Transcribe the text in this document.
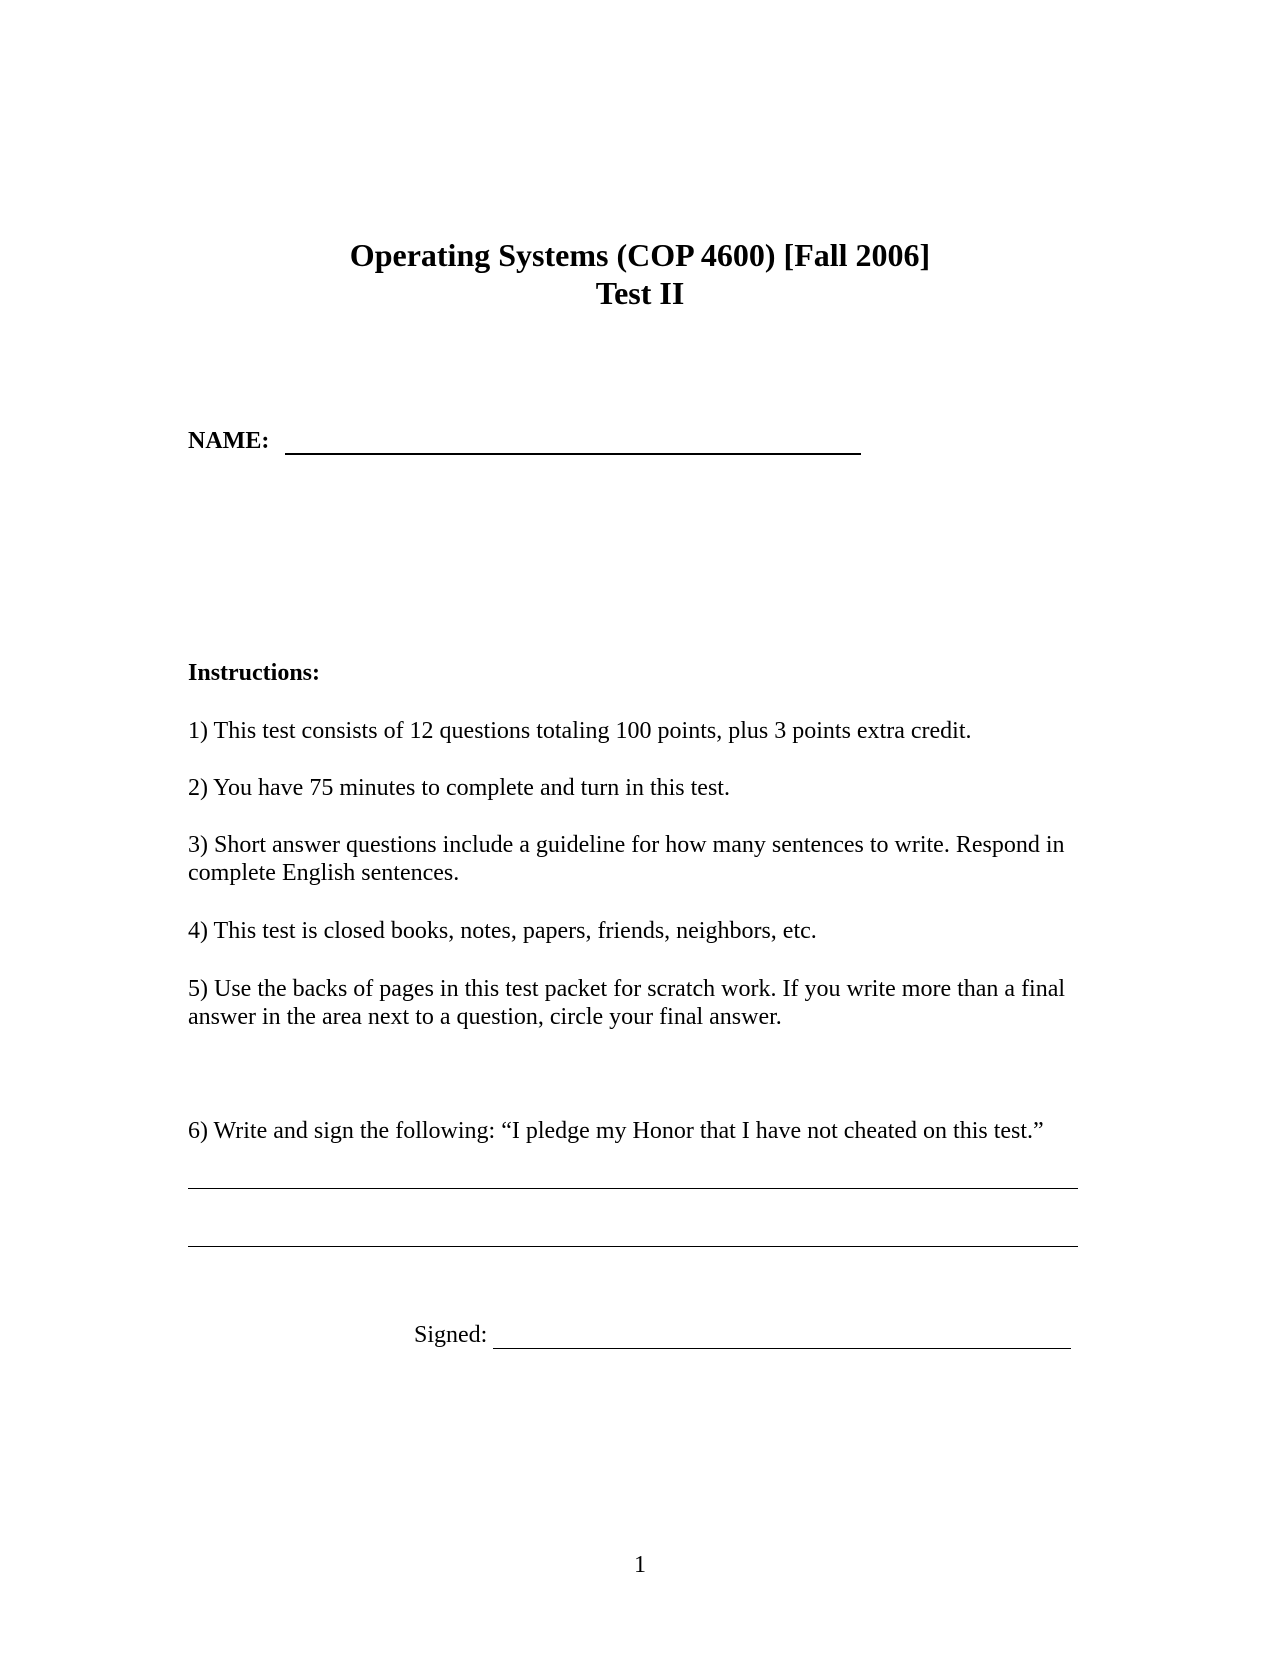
Operating Systems (COP 4600) [Fall 2006]
Test II
NAME:
Instructions:
1) This test consists of 12 questions totaling 100 points, plus 3 points extra credit.
2) You have 75 minutes to complete and turn in this test.
3) Short answer questions include a guideline for how many sentences to write. Respond in complete English sentences.
4) This test is closed books, notes, papers, friends, neighbors, etc.
5) Use the backs of pages in this test packet for scratch work. If you write more than a final answer in the area next to a question, circle your final answer.
6) Write and sign the following: “I pledge my Honor that I have not cheated on this test.”
Signed:
1
